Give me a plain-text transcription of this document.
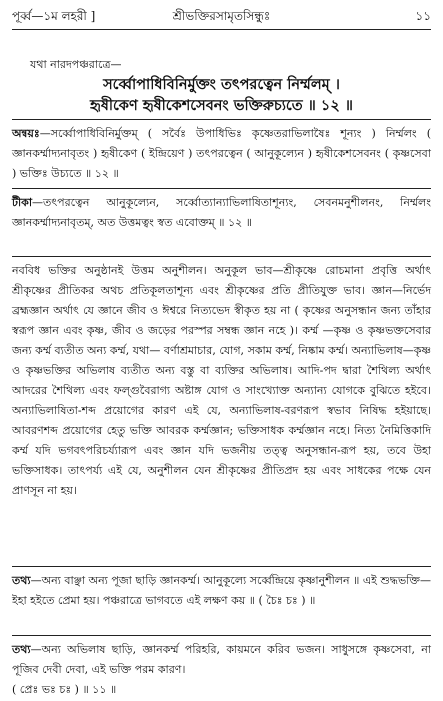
পূর্ব্ব—১ম লহরী ]	শ্রীভক্তিরসামৃতসিন্ধুঃ	১১
যথা নারদপঞ্চরাত্রে—
সর্ব্বোপাধিবিনির্মুক্তং তৎপরত্বেন নির্ম্মলম্ ।
হৃষীকেণ হৃষীকেশসেবনং ভক্তিরুচ্যতে ॥ ১২ ॥

অন্বয়ঃ—সর্ব্বোপাধিবিনির্মুক্তম্ ( সর্বৈঃ উপাধিভিঃ কৃষ্ণেতরাভিলাষৈঃ শূন্যং ) নির্ম্মলং ( জ্ঞানকর্ম্মাদ্যনাবৃতং ) হৃষীকেণ ( ইন্দ্রিয়েণ ) তৎপরত্বেন ( আনুকূল্যেন ) হৃষীকেশসেবনং ( কৃষ্ণসেবা ) ভক্তিঃ উচ্যতে ॥ ১২ ॥

টীকা—তৎপরত্বেন আনুকূল্যেন, সর্ব্বোত্যান্যাভিলাষিতাশূন্যং, সেবনমনুশীলনং, নির্ম্মলং জ্ঞানকর্ম্মাদ্যনাবৃতম্, অত উত্তমত্বং স্বত এবোক্তম্ ॥ ১২ ॥

নববিধ ভক্তির অনুষ্ঠানই উত্তম অনুশীলন। অনুকূল ভাব—শ্রীকৃষ্ণে রোচমানা প্রবৃত্তি অর্থাৎ শ্রীকৃষ্ণের প্রীতিকর অথচ প্রতিকূলতাশূন্য এবং শ্রীকৃষ্ণের প্রতি প্রীতিযুক্ত ভাব। জ্ঞান—নির্ভেদ ব্রহ্মজ্ঞান অর্থাৎ যে জ্ঞানে জীব ও ঈশ্বরে নিত্যভেদ স্বীকৃত হয় না ( কৃষ্ণের অনুসন্ধান জন্য তাঁহার স্বরূপ জ্ঞান এবং কৃষ্ণ, জীব ও জড়ের পরস্পর সম্বন্ধ জ্ঞান নহে )। কর্ম্ম —কৃষ্ণ ও কৃষ্ণভক্তসেবার জন্য কর্ম্ম ব্যতীত অন্য কর্ম্ম, যথা— বর্ণাশ্রমাচার, যোগ, সকাম কর্ম্ম, নিষ্কাম কর্ম্ম। অন্যাভিলাষ—কৃষ্ণ ও কৃষ্ণভক্তির অভিলাষ ব্যতীত অন্য বস্তু বা ব্যক্তির অভিলাষ। আদি-পদ দ্বারা শৈথিল্য অর্থাৎ আদরের শৈথিল্য এবং ফল্গুবৈরাগ্য অষ্টাঙ্গ যোগ ও সাংখ্যোক্ত অন্যান্য যোগকে বুঝিতে হইবে। অন্যাভিলাষিতা-শব্দ প্রয়োগের কারণ এই যে, অন্যাভিলাষ-বরণরূপ স্বভাব নিষিদ্ধ হইয়াছে। আবরণশব্দ প্রয়োগের হেতু ভক্তি আবরক কর্ম্মজ্ঞান; ভক্তিসাধক কর্ম্মজ্ঞান নহে। নিত্য নৈমিত্তিকাদি কর্ম্ম যদি ভগবৎপরিচর্য্যারূপ এবং জ্ঞান যদি ভজনীয় তত্ত্ব অনুসন্ধান-রূপ হয়, তবে উহা ভক্তিসাধক। তাৎপর্য্য এই যে, অনুশীলন যেন শ্রীকৃষ্ণের প্রীতিপ্রদ হয় এবং সাধকের পক্ষে যেন প্রাণসূন না হয়।

তথ্য—অন্য বাঞ্ছা অন্য পূজা ছাড়ি জ্ঞানকর্ম্ম। আনুকূল্যে সর্ব্বেন্দ্রিয়ে কৃষ্ণানুশীলন ॥ এই শুদ্ধভক্তি—ইহা হইতে প্রেমা হয়। পঞ্চরাত্রে ভাগবতে এই লক্ষণ কয় ॥ ( চৈঃ চঃ ) ॥

তথ্য—অন্য অভিলাষ ছাড়ি, জ্ঞানকর্ম্ম পরিহরি, কায়মনে করিব ভজন। সাধুসঙ্গে কৃষ্ণসেবা, না পূজিব দেবী দেবা, এই ভক্তি পরম কারণ।

( প্রেঃ ভঃ চঃ ) ॥ ১১ ॥
